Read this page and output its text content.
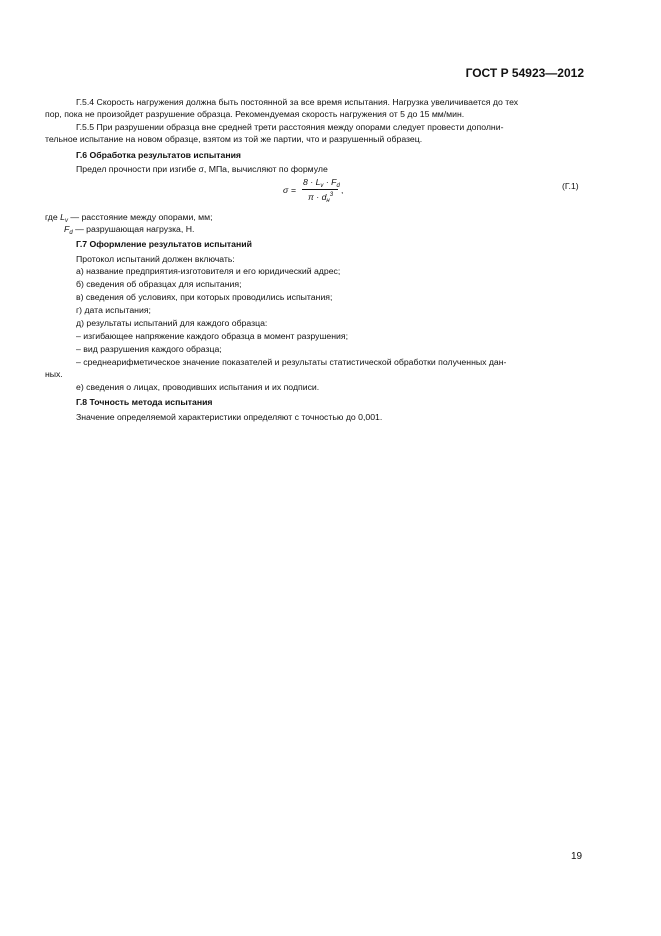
ГОСТ Р 54923—2012
Г.5.4 Скорость нагружения должна быть постоянной за все время испытания. Нагрузка увеличивается до тех
пор, пока не произойдет разрушение образца. Рекомендуемая скорость нагружения от 5 до 15 мм/мин.
Г.5.5 При разрушении образца вне средней трети расстояния между опорами следует провести дополни-
тельное испытание на новом образце, взятом из той же партии, что и разрушенный образец.
Г.6 Обработка результатов испытания
Предел прочности при изгибе σ, МПа, вычисляют по формуле
σ =
$8 \cdot L_v \cdot F_d$
$\pi \cdot d_н^3$ ,	(Г.1)
где $L_v$ — расстояние между опорами, мм;
$F_d$ — разрушающая нагрузка, Н.
Г.7 Оформление результатов испытаний
Протокол испытаний должен включать:
а) название предприятия-изготовителя и его юридический адрес;
б) сведения об образцах для испытания;
в) сведения об условиях, при которых проводились испытания;
г) дата испытания;
д) результаты испытаний для каждого образца:
– изгибающее напряжение каждого образца в момент разрушения;
– вид разрушения каждого образца;
– среднеарифметическое значение показателей и результаты статистической обработки полученных дан-
ных.
е) сведения о лицах, проводивших испытания и их подписи.
Г.8 Точность метода испытания
Значение определяемой характеристики определяют с точностью до 0,001.
19
